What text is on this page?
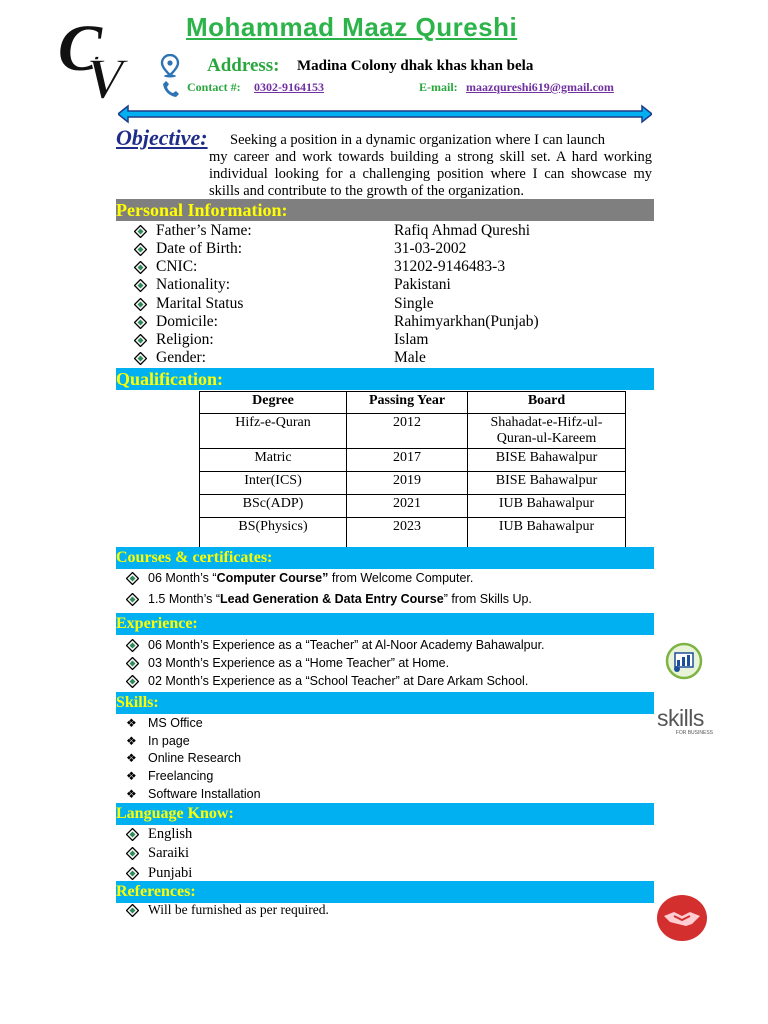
C
V
Mohammad Maaz Qureshi
Address: Madina Colony dhak khas khan bela
Contact #: 0302-9164153	E-mail: maazqureshi619@gmail.com
Objective: Seeking a position in a dynamic organization where I can launch
my career and work towards building a strong skill set. A hard working individual looking for a challenging position where I can showcase my skills and contribute to the growth of the organization.
Personal Information:
Father’s Name:	Rafiq Ahmad Qureshi
Date of Birth:	31-03-2002
CNIC:	31202-9146483-3
Nationality:	Pakistani
Marital Status	Single
Domicile:	Rahimyarkhan(Punjab)
Religion:	Islam
Gender:	Male
Qualification:
Degree	Passing Year	Board
Hifz-e-Quran	2012	Shahadat-e-Hifz-ul-Quran-ul-Kareem
Matric	2017	BISE Bahawalpur
Inter(ICS)	2019	BISE Bahawalpur
BSc(ADP)	2021	IUB Bahawalpur
BS(Physics)	2023	IUB Bahawalpur
Courses & certificates:
06 Month’s “Computer Course” from Welcome Computer.
1.5 Month’s “Lead Generation & Data Entry Course” from Skills Up.
Experience:
06 Month’s Experience as a “Teacher” at Al-Noor Academy Bahawalpur.
03 Month’s Experience as a “Home Teacher” at Home.
02 Month’s Experience as a “School Teacher” at Dare Arkam School.
Skills:
❖ MS Office
❖ In page
❖ Online Research
❖ Freelancing
❖ Software Installation
Language Know:
English
Saraiki
Punjabi
References:
Will be furnished as per required.
skills
FOR BUSINESS
